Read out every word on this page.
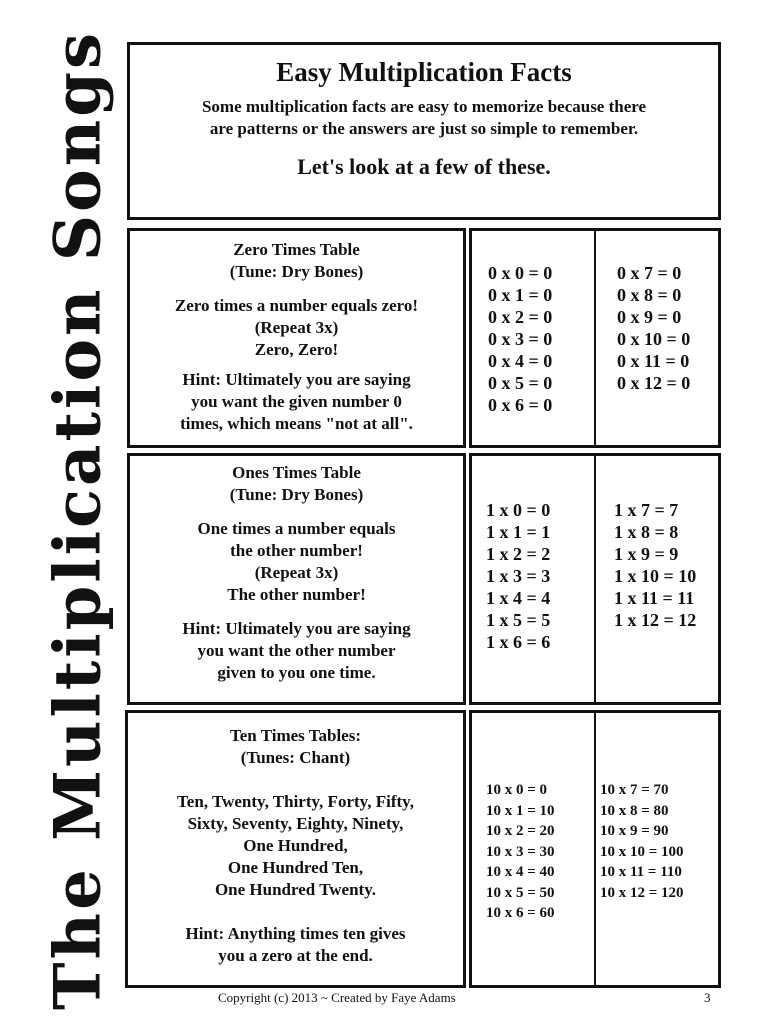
The Multiplication Songs	Easy Multiplication Facts

Some multiplication facts are easy to memorize because there

are patterns or the answers are just so simple to remember.

Let's look at a few of these.

Zero Times Table
(Tune: Dry Bones)
Zero times a number equals zero!
(Repeat 3x)
Zero, Zero!
Hint: Ultimately you are saying
you want the given number 0
times, which means "not at all".
0 x 0 = 0
0 x 1 = 0
0 x 2 = 0
0 x 3 = 0
0 x 4 = 0
0 x 5 = 0
0 x 6 = 0
0 x 7 = 0
0 x 8 = 0
0 x 9 = 0
0 x 10 = 0
0 x 11 = 0
0 x 12 = 0
Ones Times Table
(Tune: Dry Bones)
One times a number equals
the other number!
(Repeat 3x)
The other number!
Hint: Ultimately you are saying
you want the other number
given to you one time.
1 x 0 = 0
1 x 1 = 1
1 x 2 = 2
1 x 3 = 3
1 x 4 = 4
1 x 5 = 5
1 x 6 = 6
1 x 7 = 7
1 x 8 = 8
1 x 9 = 9
1 x 10 = 10
1 x 11 = 11
1 x 12 = 12
Ten Times Tables:
(Tunes: Chant)
Ten, Twenty, Thirty, Forty, Fifty,
Sixty, Seventy, Eighty, Ninety,
One Hundred,
One Hundred Ten,
One Hundred Twenty.
Hint: Anything times ten gives
you a zero at the end.
10 x 0 = 0
10 x 1 = 10
10 x 2 = 20
10 x 3 = 30
10 x 4 = 40
10 x 5 = 50
10 x 6 = 60
10 x 7 = 70
10 x 8 = 80
10 x 9 = 90
10 x 10 = 100
10 x 11 = 110
10 x 12 = 120
Copyright (c) 2013 ~ Created by Faye Adams	3
